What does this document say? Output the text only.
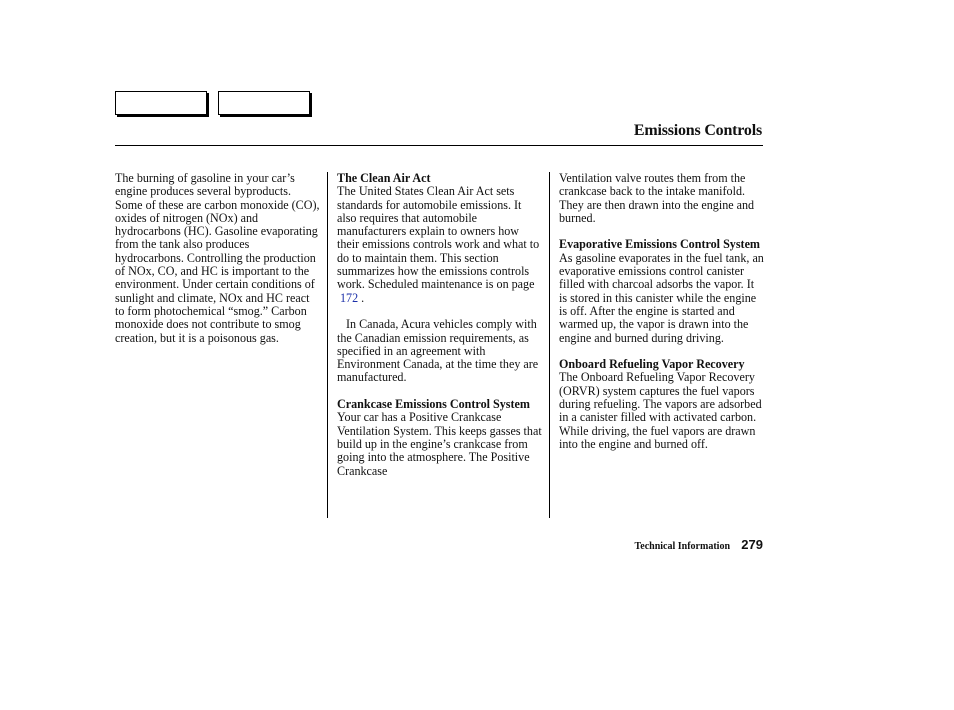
Emissions Controls

The burning of gasoline in your car’s engine produces several byproducts. Some of these are carbon monoxide (CO), oxides of nitrogen (NOx) and hydrocarbons (HC). Gasoline evaporating from the tank also produces hydrocarbons. Controlling the production of NOx, CO, and HC is important to the environment. Under certain conditions of sunlight and climate, NOx and HC react to form photochemical “smog.” Carbon monoxide does not contribute to smog creation, but it is a poisonous gas.

The Clean Air Act

The United States Clean Air Act sets standards for automobile emissions. It also requires that automobile manufacturers explain to owners how their emissions controls work and what to do to maintain them. This section summarizes how the emissions controls work. Scheduled maintenance is on page
172 .

In Canada, Acura vehicles comply with the Canadian emission requirements, as specified in an agreement with Environment Canada, at the time they are manufactured.

Crankcase Emissions Control System

Your car has a Positive Crankcase Ventilation System. This keeps gasses that build up in the engine’s crankcase from going into the atmosphere. The Positive Crankcase

Ventilation valve routes them from the crankcase back to the intake manifold. They are then drawn into the engine and burned.

Evaporative Emissions Control System

As gasoline evaporates in the fuel tank, an evaporative emissions control canister filled with charcoal adsorbs the vapor. It is stored in this canister while the engine is off. After the engine is started and warmed up, the vapor is drawn into the engine and burned during driving.

Onboard Refueling Vapor Recovery

The Onboard Refueling Vapor Recovery (ORVR) system captures the fuel vapors during refueling. The vapors are adsorbed in a canister filled with activated carbon. While driving, the fuel vapors are drawn into the engine and burned off.

Technical Information 279
